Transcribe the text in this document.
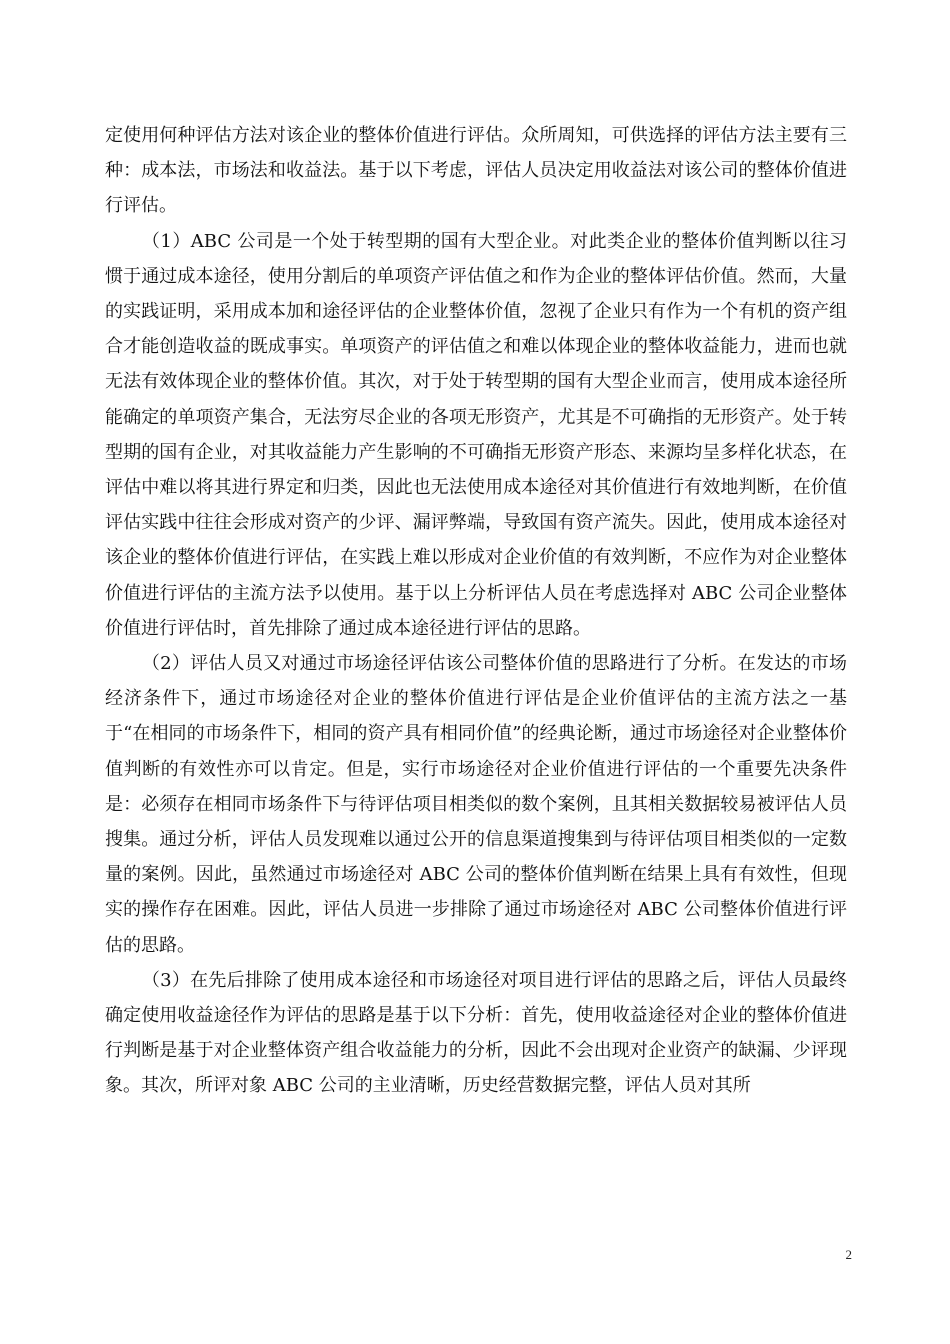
定使用何种评估方法对该企业的整体价值进行评估。众所周知，可供选择的评估方法主要有三种：成本法，市场法和收益法。基于以下考虑，评估人员决定用收益法对该公司的整体价值进行评估。

（1）ABC 公司是一个处于转型期的国有大型企业。对此类企业的整体价值判断以往习惯于通过成本途径，使用分割后的单项资产评估值之和作为企业的整体评估价值。然而，大量的实践证明，采用成本加和途径评估的企业整体价值，忽视了企业只有作为一个有机的资产组合才能创造收益的既成事实。单项资产的评估值之和难以体现企业的整体收益能力，进而也就无法有效体现企业的整体价值。其次，对于处于转型期的国有大型企业而言，使用成本途径所能确定的单项资产集合，无法穷尽企业的各项无形资产，尤其是不可确指的无形资产。处于转型期的国有企业，对其收益能力产生影响的不可确指无形资产形态、来源均呈多样化状态，在评估中难以将其进行界定和归类，因此也无法使用成本途径对其价值进行有效地判断，在价值评估实践中往往会形成对资产的少评、漏评弊端，导致国有资产流失。因此，使用成本途径对该企业的整体价值进行评估，在实践上难以形成对企业价值的有效判断，不应作为对企业整体价值进行评估的主流方法予以使用。基于以上分析评估人员在考虑选择对 ABC 公司企业整体价值进行评估时，首先排除了通过成本途径进行评估的思路。

（2）评估人员又对通过市场途径评估该公司整体价值的思路进行了分析。在发达的市场经济条件下，通过市场途径对企业的整体价值进行评估是企业价值评估的主流方法之一基于“在相同的市场条件下，相同的资产具有相同价值”的经典论断，通过市场途径对企业整体价值判断的有效性亦可以肯定。但是，实行市场途径对企业价值进行评估的一个重要先决条件是：必须存在相同市场条件下与待评估项目相类似的数个案例，且其相关数据较易被评估人员搜集。通过分析，评估人员发现难以通过公开的信息渠道搜集到与待评估项目相类似的一定数量的案例。因此，虽然通过市场途径对 ABC 公司的整体价值判断在结果上具有有效性，但现实的操作存在困难。因此，评估人员进一步排除了通过市场途径对 ABC 公司整体价值进行评估的思路。

（3）在先后排除了使用成本途径和市场途径对项目进行评估的思路之后，评估人员最终确定使用收益途径作为评估的思路是基于以下分析：首先，使用收益途径对企业的整体价值进行判断是基于对企业整体资产组合收益能力的分析，因此不会出现对企业资产的缺漏、少评现象。其次，所评对象 ABC 公司的主业清晰，历史经营数据完整，评估人员对其所

2
